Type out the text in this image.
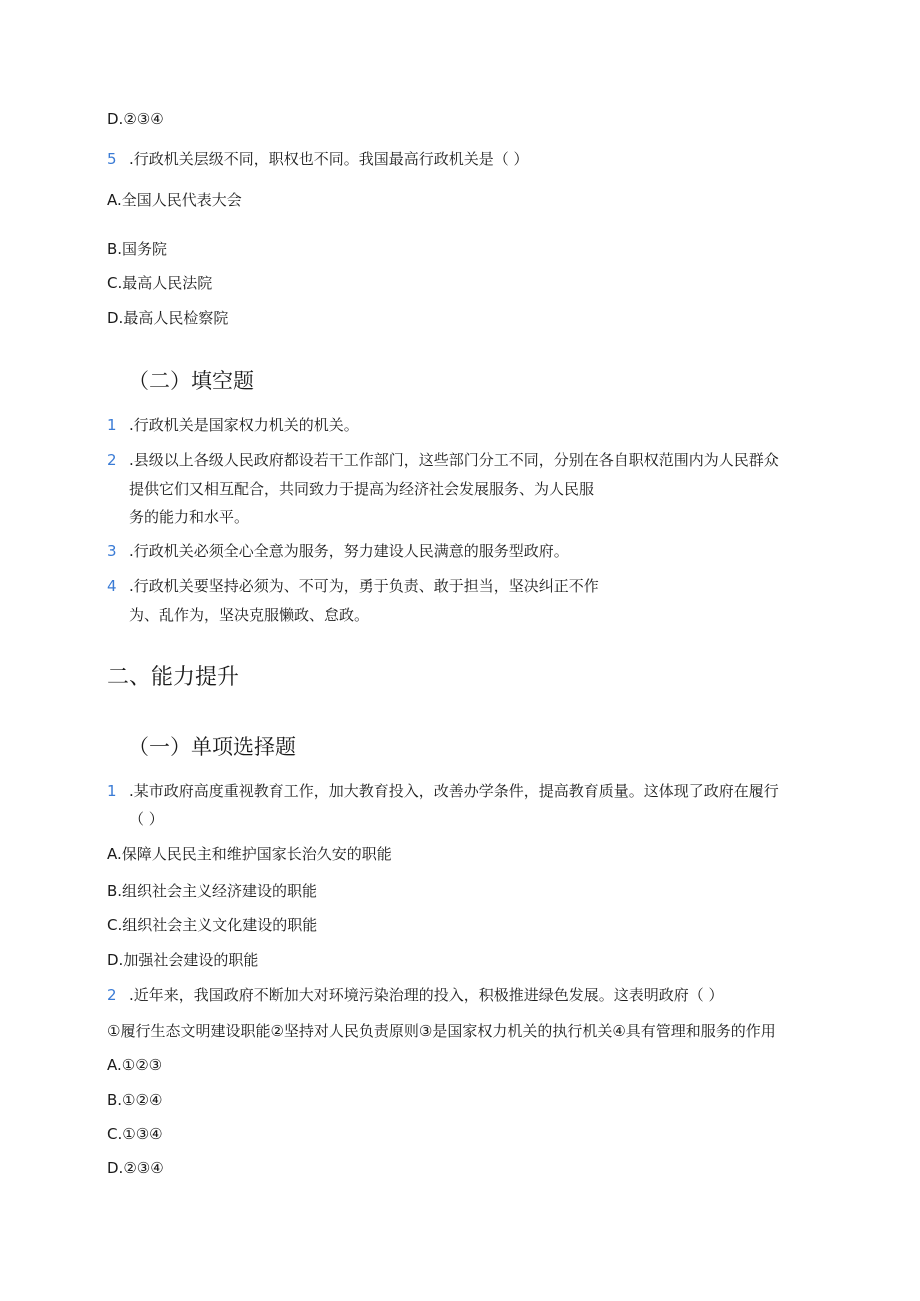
D.②③④
5 .行政机关层级不同，职权也不同。我国最高行政机关是（ ）
A.全国人民代表大会
B.国务院
C.最高人民法院
D.最高人民检察院
（二）填空题
1 .行政机关是国家权力机关的机关。
2 .县级以上各级人民政府都设若干工作部门，这些部门分工不同，分别在各自职权范围内为人民群众
提供它们又相互配合，共同致力于提高为经济社会发展服务、为人民服
务的能力和水平。
3 .行政机关必须全心全意为服务，努力建设人民满意的服务型政府。
4 .行政机关要坚持必须为、不可为，勇于负责、敢于担当，坚决纠正不作
为、乱作为，坚决克服懒政、怠政。
二、能力提升
（一）单项选择题
1 .某市政府高度重视教育工作，加大教育投入，改善办学条件，提高教育质量。这体现了政府在履行
（ ）
A.保障人民民主和维护国家长治久安的职能
B.组织社会主义经济建设的职能
C.组织社会主义文化建设的职能
D.加强社会建设的职能
2 .近年来，我国政府不断加大对环境污染治理的投入，积极推进绿色发展。这表明政府（ ）
①履行生态文明建设职能②坚持对人民负责原则③是国家权力机关的执行机关④具有管理和服务的作用
A.①②③
B.①②④
C.①③④
D.②③④
